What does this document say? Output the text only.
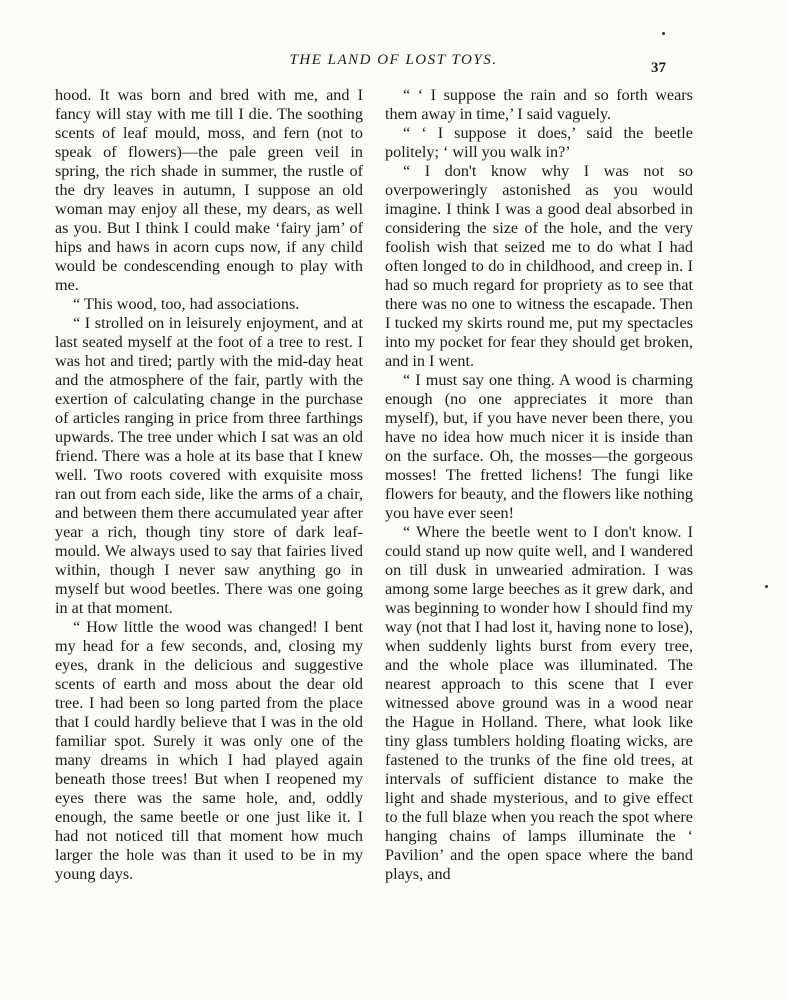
THE LAND OF LOST TOYS.	37

hood. It was born and bred with me, and I fancy will stay with me till I die. The soothing scents of leaf mould, moss, and fern (not to speak of flowers)—the pale green veil in spring, the rich shade in summer, the rustle of the dry leaves in autumn, I suppose an old woman may enjoy all these, my dears, as well as you. But I think I could make ‘fairy jam’ of hips and haws in acorn cups now, if any child would be condescending enough to play with me.

“ This wood, too, had associations.

“ I strolled on in leisurely enjoyment, and at last seated myself at the foot of a tree to rest. I was hot and tired; partly with the mid-day heat and the atmosphere of the fair, partly with the exertion of calculating change in the purchase of articles ranging in price from three farthings upwards. The tree under which I sat was an old friend. There was a hole at its base that I knew well. Two roots covered with exquisite moss ran out from each side, like the arms of a chair, and between them there accumulated year after year a rich, though tiny store of dark leaf-mould. We always used to say that fairies lived within, though I never saw anything go in myself but wood beetles. There was one going in at that moment.

“ How little the wood was changed! I bent my head for a few seconds, and, closing my eyes, drank in the delicious and suggestive scents of earth and moss about the dear old tree. I had been so long parted from the place that I could hardly believe that I was in the old familiar spot. Surely it was only one of the many dreams in which I had played again beneath those trees! But when I reopened my eyes there was the same hole, and, oddly enough, the same beetle or one just like it. I had not noticed till that moment how much larger the hole was than it used to be in my young days.

“ ‘ I suppose the rain and so forth wears them away in time,’ I said vaguely.

“ ‘ I suppose it does,’ said the beetle politely; ‘ will you walk in?’

“ I don't know why I was not so overpoweringly astonished as you would imagine. I think I was a good deal absorbed in considering the size of the hole, and the very foolish wish that seized me to do what I had often longed to do in childhood, and creep in. I had so much regard for propriety as to see that there was no one to witness the escapade. Then I tucked my skirts round me, put my spectacles into my pocket for fear they should get broken, and in I went.

“ I must say one thing. A wood is charming enough (no one appreciates it more than myself), but, if you have never been there, you have no idea how much nicer it is inside than on the surface. Oh, the mosses—the gorgeous mosses! The fretted lichens! The fungi like flowers for beauty, and the flowers like nothing you have ever seen!

“ Where the beetle went to I don't know. I could stand up now quite well, and I wandered on till dusk in unwearied admiration. I was among some large beeches as it grew dark, and was beginning to wonder how I should find my way (not that I had lost it, having none to lose), when suddenly lights burst from every tree, and the whole place was illuminated. The nearest approach to this scene that I ever witnessed above ground was in a wood near the Hague in Holland. There, what look like tiny glass tumblers holding floating wicks, are fastened to the trunks of the fine old trees, at intervals of sufficient distance to make the light and shade mysterious, and to give effect to the full blaze when you reach the spot where hanging chains of lamps illuminate the ‘ Pavilion’ and the open space where the band plays, and
